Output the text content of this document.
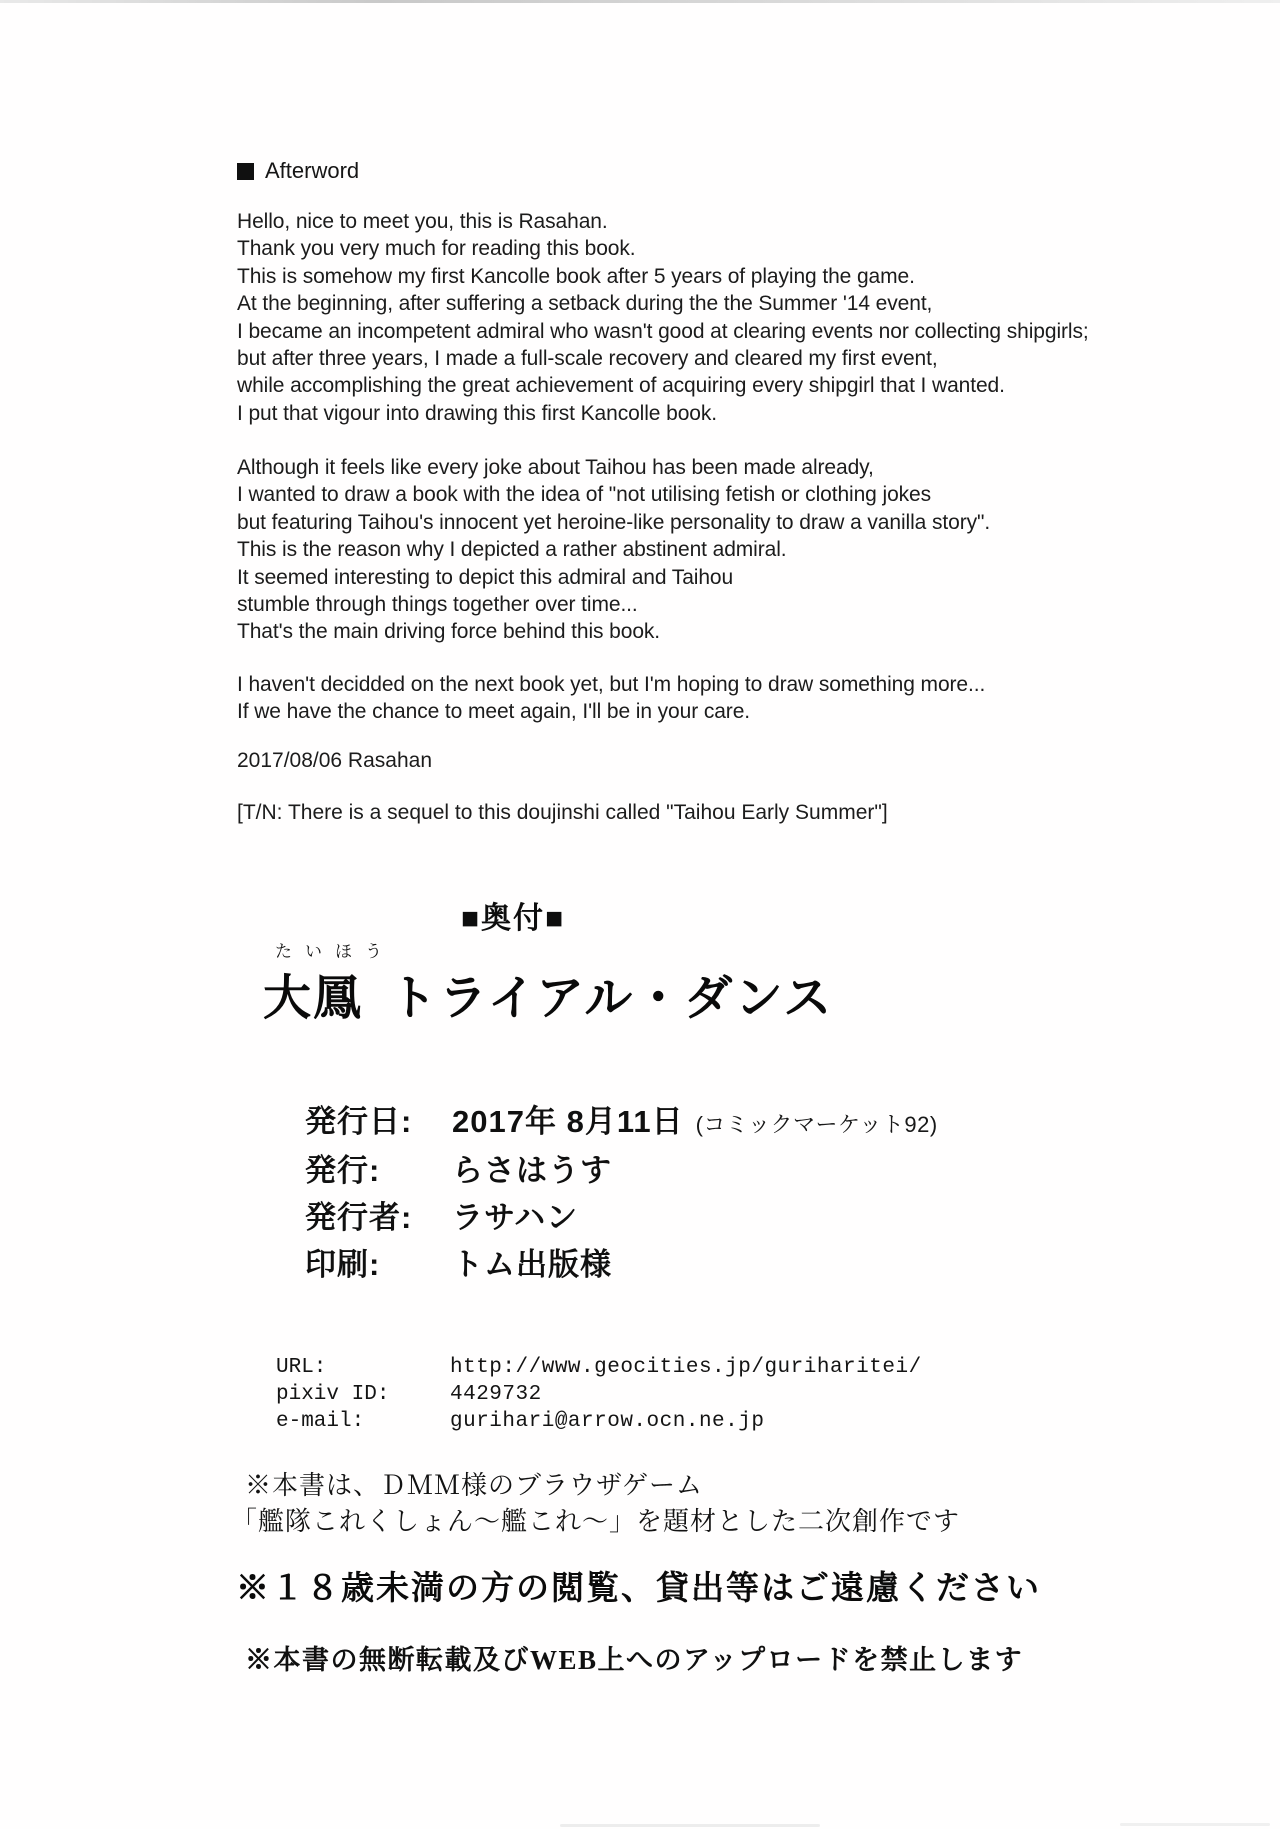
Afterword
Hello, nice to meet you, this is Rasahan.
Thank you very much for reading this book.
This is somehow my first Kancolle book after 5 years of playing the game.
At the beginning, after suffering a setback during the the Summer '14 event,
I became an incompetent admiral who wasn't good at clearing events nor collecting shipgirls;
but after three years, I made a full-scale recovery and cleared my first event,
while accomplishing the great achievement of acquiring every shipgirl that I wanted.
I put that vigour into drawing this first Kancolle book.
Although it feels like every joke about Taihou has been made already,
I wanted to draw a book with the idea of "not utilising fetish or clothing jokes
but featuring Taihou's innocent yet heroine-like personality to draw a vanilla story".
This is the reason why I depicted a rather abstinent admiral.
It seemed interesting to depict this admiral and Taihou
stumble through things together over time...
That's the main driving force behind this book.
I haven't decidded on the next book yet, but I'm hoping to draw something more...
If we have the chance to meet again, I'll be in your care.
2017/08/06 Rasahan
[T/N: There is a sequel to this doujinshi called "Taihou Early Summer"]
■奥付■
たいほう
大鳳 トライアル・ダンス
発行日: 2017年 8月11日 (コミックマーケット92)
発行: らさはうす
発行者: ラサハン
印刷: トム出版様
URL:	http://www.geocities.jp/guriharitei/
pixiv ID:	4429732
e-mail:	gurihari@arrow.ocn.ne.jp
※本書は、ＤＭＭ様のブラウザゲーム
「艦隊これくしょん～艦これ～」を題材とした二次創作です
※１８歳未満の方の閲覧、貸出等はご遠慮ください
※本書の無断転載及びWEB上へのアップロードを禁止します
